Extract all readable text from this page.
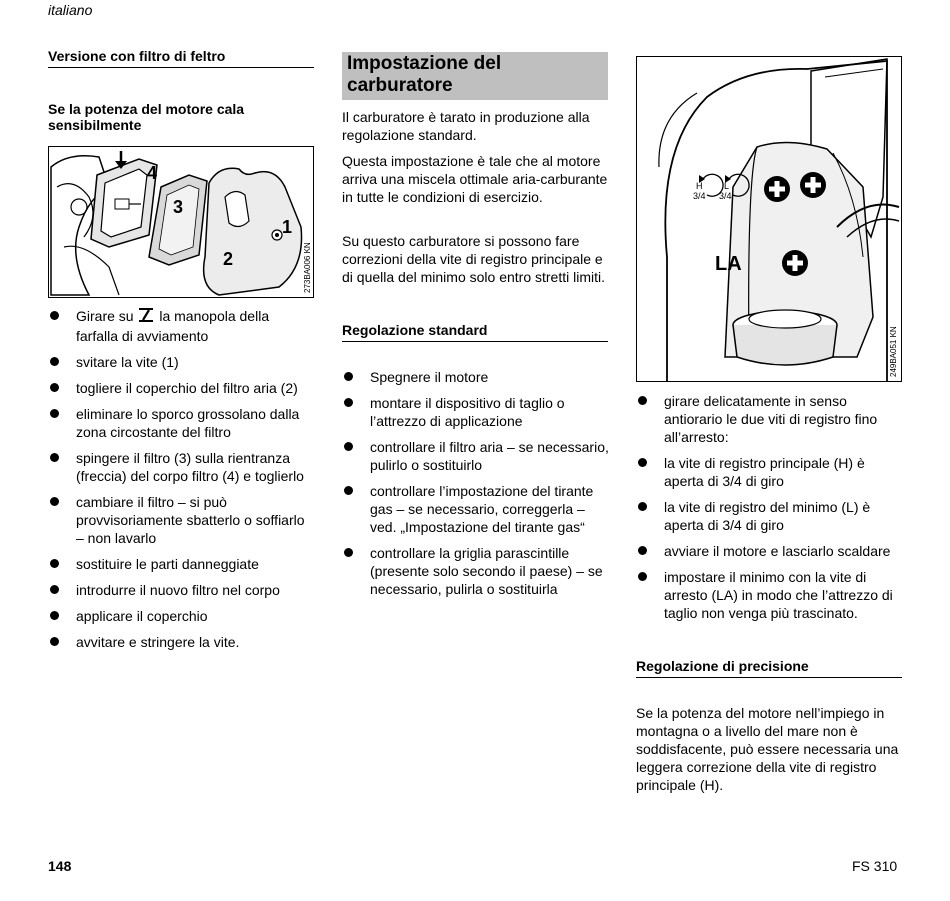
italiano
Versione con filtro di feltro
Se la potenza del motore cala sensibilmente
4
3
2
1
273BA006 KN
Girare su la manopola della farfalla di avviamento
svitare la vite (1)
togliere il coperchio del filtro aria (2)
eliminare lo sporco grossolano dalla zona circostante del filtro
spingere il filtro (3) sulla rientranza (freccia) del corpo filtro (4) e toglierlo
cambiare il filtro – si può provvisoriamente sbatterlo o soffiarlo – non lavarlo
sostituire le parti danneggiate
introdurre il nuovo filtro nel corpo
applicare il coperchio
avvitare e stringere la vite.
Impostazione del carburatore

Il carburatore è tarato in produzione alla regolazione standard.

Questa impostazione è tale che al motore arriva una miscela ottimale aria-carburante in tutte le condizioni di esercizio.

Su questo carburatore si possono fare correzioni della vite di registro principale e di quella del minimo solo entro stretti limiti.

Regolazione standard
Spegnere il motore
montare il dispositivo di taglio o l’attrezzo di applicazione
controllare il filtro aria – se necessario, pulirlo o sostituirlo
controllare l’impostazione del tirante gas – se necessario, correggerla – ved. „Impostazione del tirante gas“
controllare la griglia parascintille (presente solo secondo il paese) – se necessario, pulirla o sostituirla
H
3/4
L
3/4
LA
249BA051 KN
girare delicatamente in senso antiorario le due viti di registro fino all’arresto:
la vite di registro principale (H) è aperta di 3/4 di giro
la vite di registro del minimo (L) è aperta di 3/4 di giro
avviare il motore e lasciarlo scaldare
impostare il minimo con la vite di arresto (LA) in modo che l’attrezzo di taglio non venga più trascinato.
Regolazione di precisione

Se la potenza del motore nell’impiego in montagna o a livello del mare non è soddisfacente, può essere necessaria una leggera correzione della vite di registro principale (H).

148	FS 310
